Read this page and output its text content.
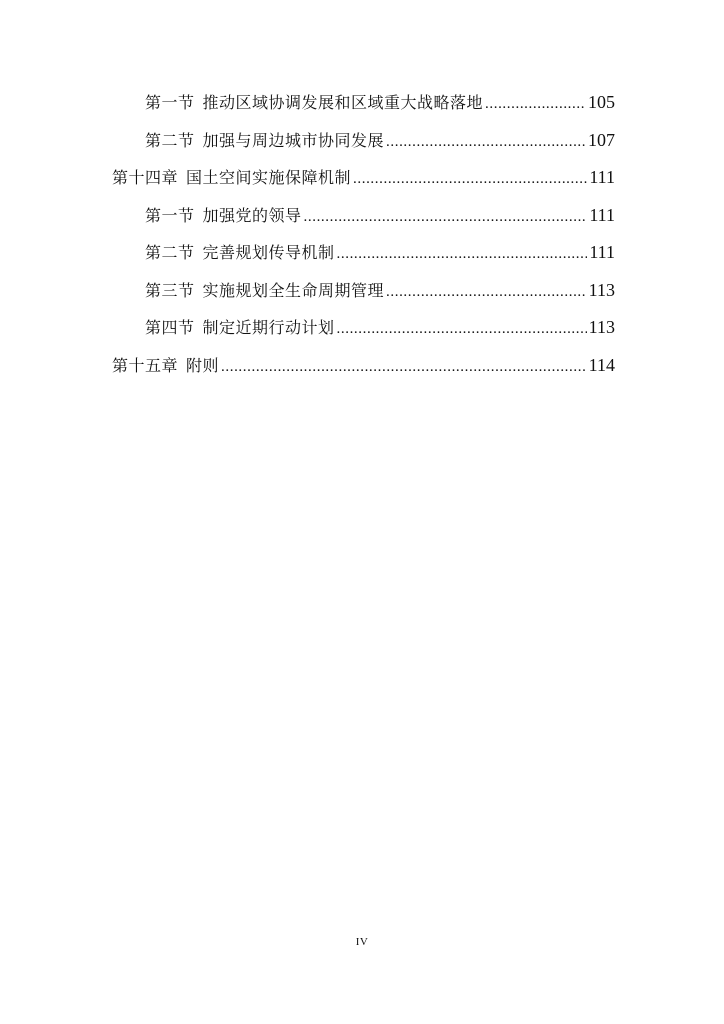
第一节 推动区域协调发展和区域重大战略落地 .....	105
第二节 加强与周边城市协同发展 .....	107
第十四章 国土空间实施保障机制 .....	111
第一节 加强党的领导 .....	111
第二节 完善规划传导机制 .....	111
第三节 实施规划全生命周期管理 .....	113
第四节 制定近期行动计划 .....	113
第十五章 附则 .....	114
IV
